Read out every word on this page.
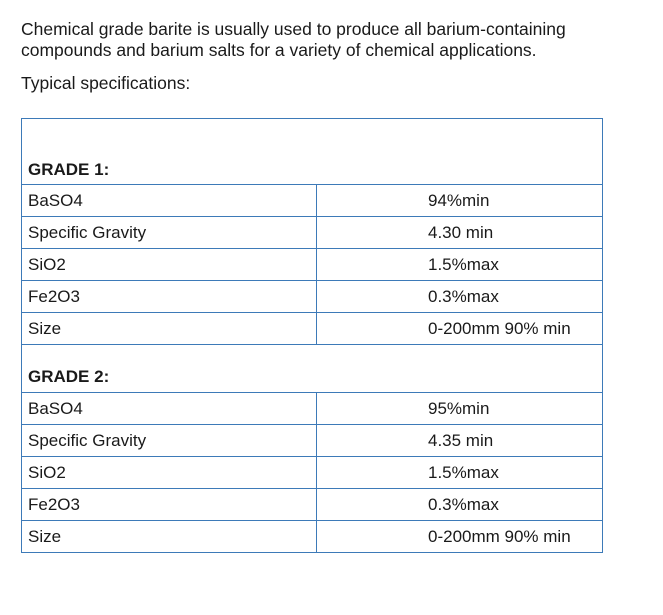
Chemical grade barite is usually used to produce all barium-containing
compounds and barium salts for a variety of chemical applications.

Typical specifications:

GRADE 1:
BaSO4	94%min
Specific Gravity	4.30 min
SiO2	1.5%max
Fe2O3	0.3%max
Size	0-200mm 90% min
GRADE 2:
BaSO4	95%min
Specific Gravity	4.35 min
SiO2	1.5%max
Fe2O3	0.3%max
Size	0-200mm 90% min
